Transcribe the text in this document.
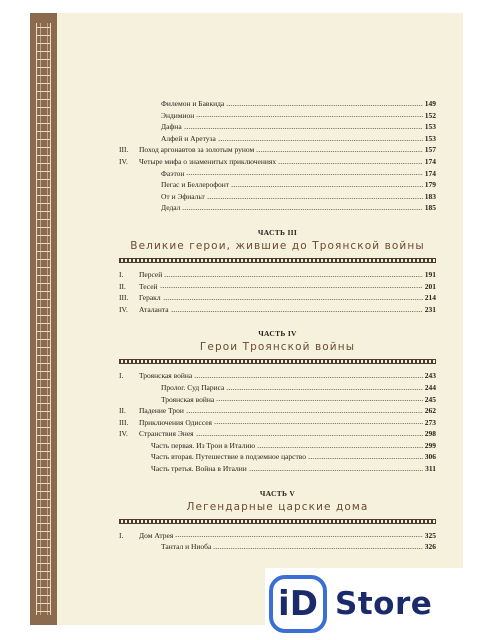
Филемон и Бавкида	149
Эндимион	152
Дафна	153
Алфей и Аретуза	153
III.	Поход аргонавтов за золотым руном	157
IV.	Четыре мифа о знаменитых приключениях	174
Фаэтон	174
Пегас и Беллерофонт	179
От и Эфиальт	183
Дедал	185
ЧАСТЬ III
Великие герои, жившие до Троянской войны
I.	Персей	191
II.	Тесей	201
III.	Геракл	214
IV.	Аталанта	231
ЧАСТЬ IV
Герои Троянской войны
I.	Троянская война	243
Пролог. Суд Париса	244
Троянская война	245
II.	Падение Трои	262
III.	Приключения Одиссея	273
IV.	Странствия Энея	298
Часть первая. Из Трои в Италию	299
Часть вторая. Путешествие в подземное царство	306
Часть третья. Война в Италии	311
ЧАСТЬ V
Легендарные царские дома
I.	Дом Атрея	325
Тантал и Ниоба	326
i D Store
